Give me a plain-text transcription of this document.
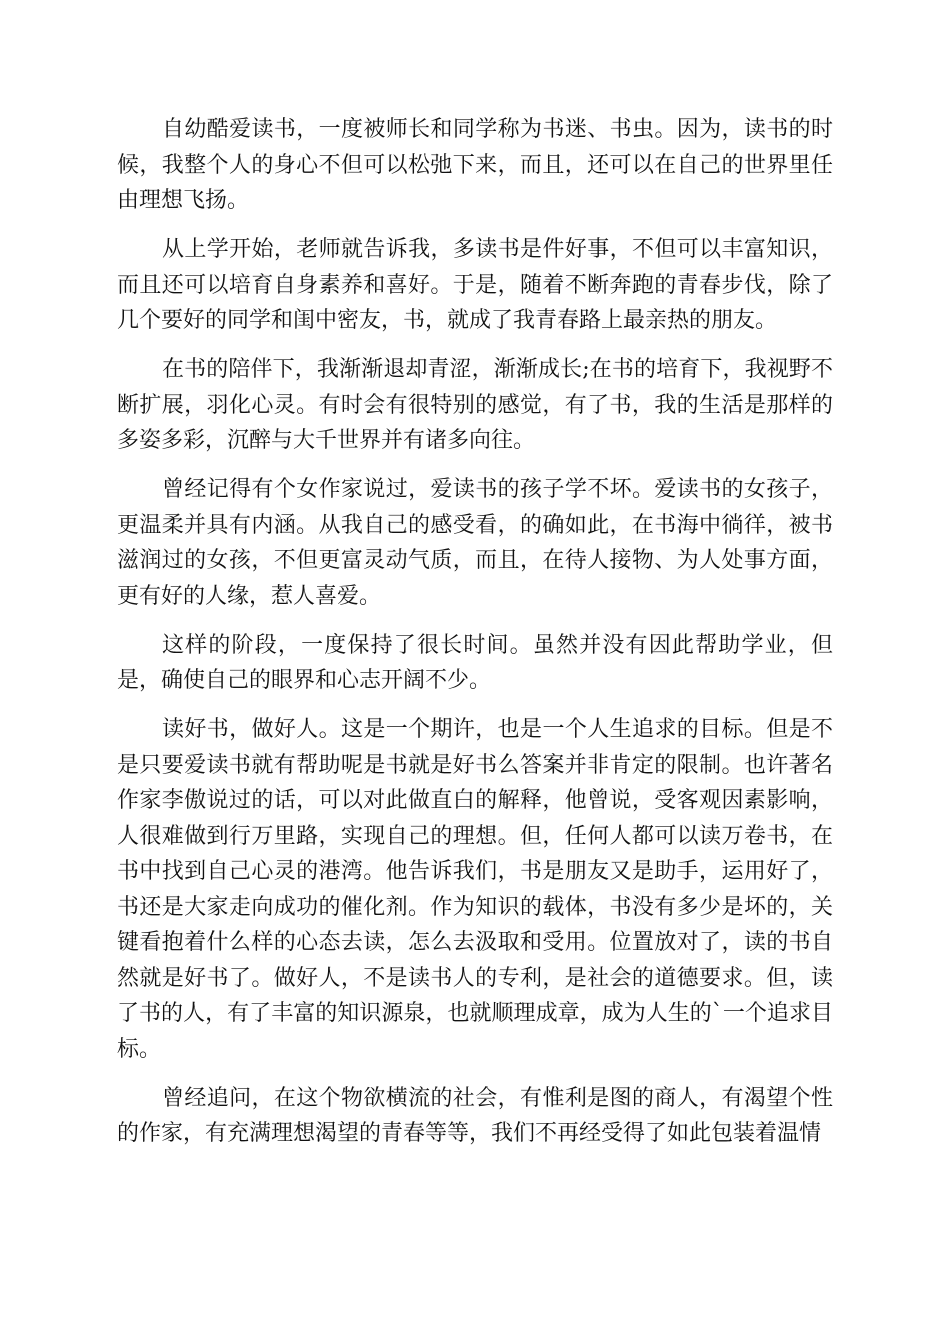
自幼酷爱读书，一度被师长和同学称为书迷、书虫。因为，读书的时候，我整个人的身心不但可以松弛下来，而且，还可以在自己的世界里任由理想飞扬。

从上学开始，老师就告诉我，多读书是件好事，不但可以丰富知识，而且还可以培育自身素养和喜好。于是，随着不断奔跑的青春步伐，除了几个要好的同学和闺中密友，书，就成了我青春路上最亲热的朋友。

在书的陪伴下，我渐渐退却青涩，渐渐成长;在书的培育下，我视野不断扩展，羽化心灵。有时会有很特别的感觉，有了书，我的生活是那样的多姿多彩，沉醉与大千世界并有诸多向往。

曾经记得有个女作家说过，爱读书的孩子学不坏。爱读书的女孩子，更温柔并具有内涵。从我自己的感受看，的确如此，在书海中徜徉，被书滋润过的女孩，不但更富灵动气质，而且，在待人接物、为人处事方面，更有好的人缘，惹人喜爱。

这样的阶段，一度保持了很长时间。虽然并没有因此帮助学业，但是，确使自己的眼界和心志开阔不少。

读好书，做好人。这是一个期许，也是一个人生追求的目标。但是不是只要爱读书就有帮助呢是书就是好书么答案并非肯定的限制。也许著名作家李傲说过的话，可以对此做直白的解释，他曾说，受客观因素影响，人很难做到行万里路，实现自己的理想。但，任何人都可以读万卷书，在书中找到自己心灵的港湾。他告诉我们，书是朋友又是助手，运用好了，书还是大家走向成功的催化剂。作为知识的载体，书没有多少是坏的，关键看抱着什么样的心态去读，怎么去汲取和受用。位置放对了，读的书自然就是好书了。做好人，不是读书人的专利，是社会的道德要求。但，读了书的人，有了丰富的知识源泉，也就顺理成章，成为人生的`一个追求目标。

曾经追问，在这个物欲横流的社会，有惟利是图的商人，有渴望个性的作家，有充满理想渴望的青春等等，我们不再经受得了如此包装着温情
